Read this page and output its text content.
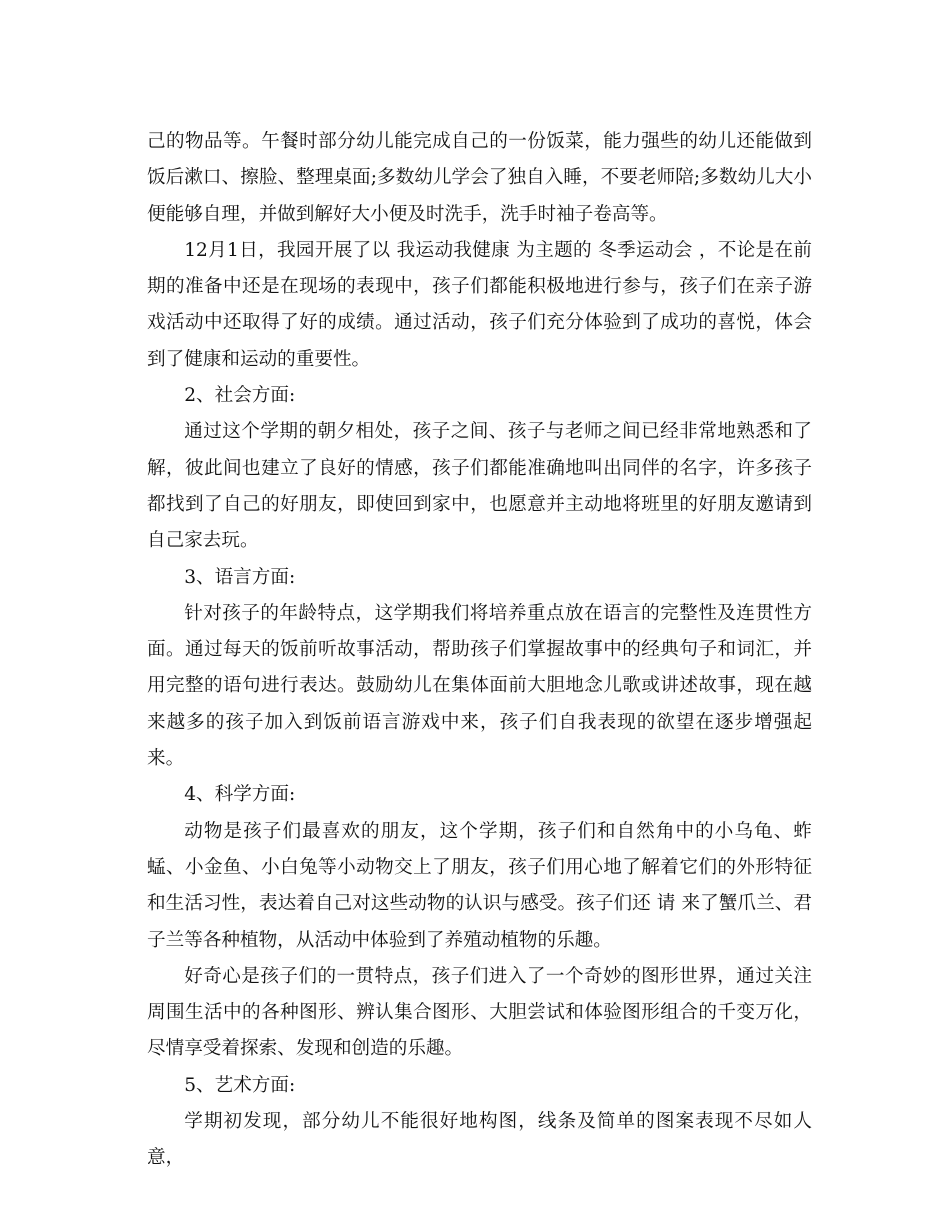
己的物品等。午餐时部分幼儿能完成自己的一份饭菜，能力强些的幼儿还能做到饭后漱口、擦脸、整理桌面;多数幼儿学会了独自入睡，不要老师陪;多数幼儿大小便能够自理，并做到解好大小便及时洗手，洗手时袖子卷高等。

12月1日，我园开展了以 我运动我健康 为主题的 冬季运动会 ，不论是在前期的准备中还是在现场的表现中，孩子们都能积极地进行参与，孩子们在亲子游戏活动中还取得了好的成绩。通过活动，孩子们充分体验到了成功的喜悦，体会到了健康和运动的重要性。

2、社会方面:

通过这个学期的朝夕相处，孩子之间、孩子与老师之间已经非常地熟悉和了解，彼此间也建立了良好的情感，孩子们都能准确地叫出同伴的名字，许多孩子都找到了自己的好朋友，即使回到家中，也愿意并主动地将班里的好朋友邀请到自己家去玩。

3、语言方面:

针对孩子的年龄特点，这学期我们将培养重点放在语言的完整性及连贯性方面。通过每天的饭前听故事活动，帮助孩子们掌握故事中的经典句子和词汇，并用完整的语句进行表达。鼓励幼儿在集体面前大胆地念儿歌或讲述故事，现在越来越多的孩子加入到饭前语言游戏中来，孩子们自我表现的欲望在逐步增强起来。

4、科学方面:

动物是孩子们最喜欢的朋友，这个学期，孩子们和自然角中的小乌龟、蚱蜢、小金鱼、小白兔等小动物交上了朋友，孩子们用心地了解着它们的外形特征和生活习性，表达着自己对这些动物的认识与感受。孩子们还 请 来了蟹爪兰、君子兰等各种植物，从活动中体验到了养殖动植物的乐趣。

好奇心是孩子们的一贯特点，孩子们进入了一个奇妙的图形世界，通过关注周围生活中的各种图形、辨认集合图形、大胆尝试和体验图形组合的千变万化，尽情享受着探索、发现和创造的乐趣。

5、艺术方面:

学期初发现，部分幼儿不能很好地构图，线条及简单的图案表现不尽如人意，
